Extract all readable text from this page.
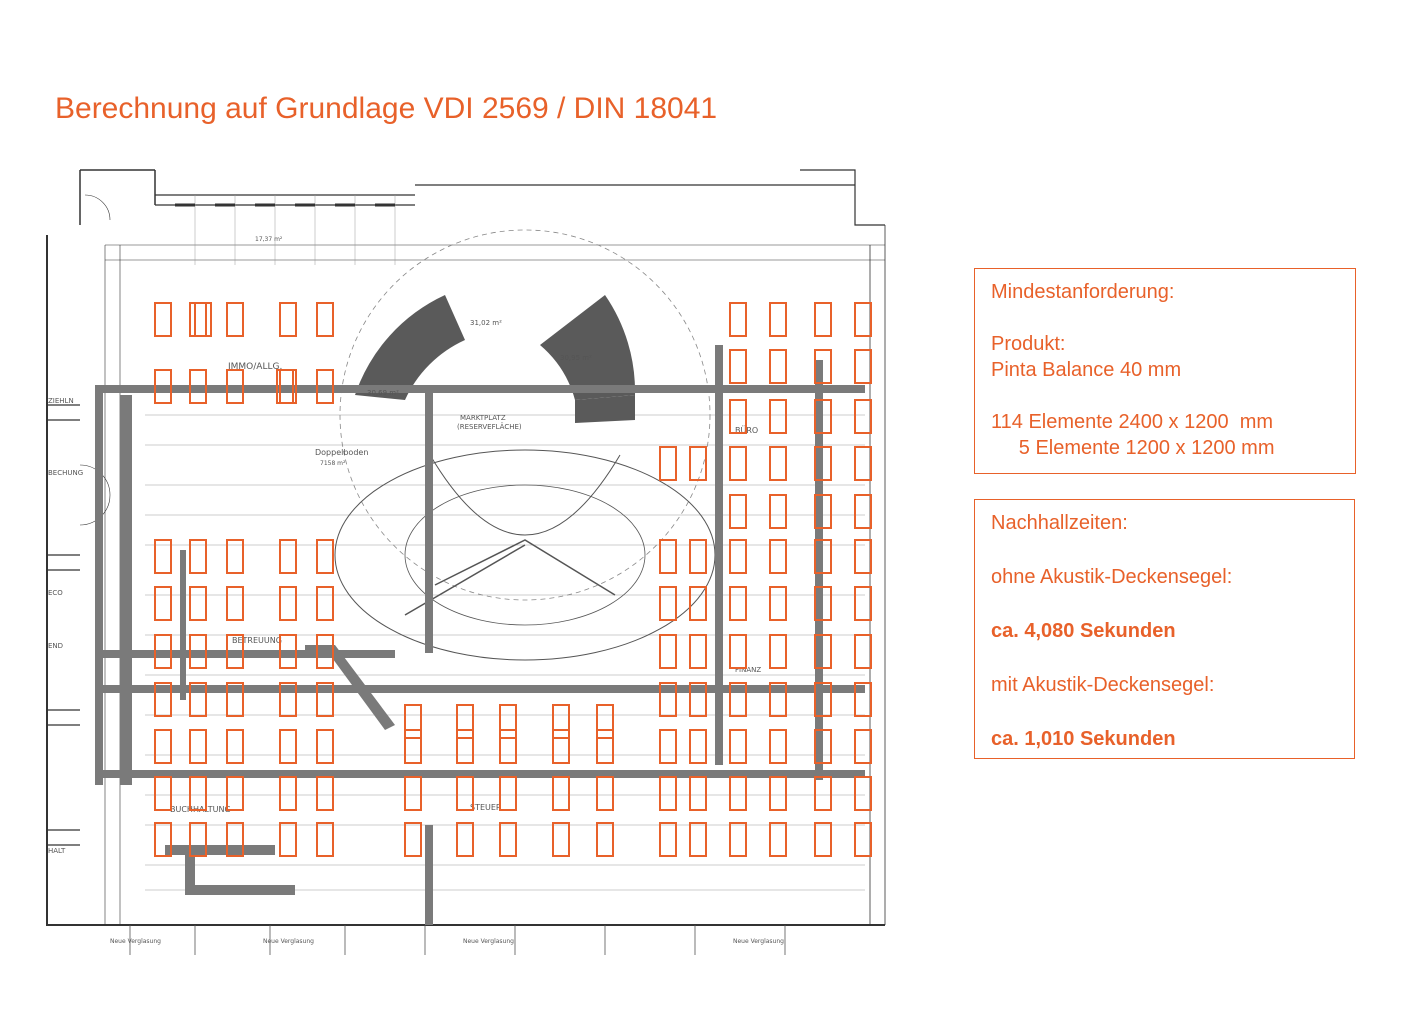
Berechnung auf Grundlage VDI 2569 / DIN 18041
IMMO/ALLG.
BÜRO
Doppelboden
MARKTPLATZ
(RESERVEFLÄCHE)
BETREUUNG
BUCHHALTUNG	STEUER
FINANZ
31,02 m²
30,95 m²
30,69 m²
17,37 m²
7158 m²
ZIEHLN
BECHUNG
ECO
END
HALT
Neue Verglasung	Neue Verglasung	Neue Verglasung	Neue Verglasung

Mindestanforderung:

Produkt:

Pinta Balance 40 mm

114 Elemente 2400 x 1200  mm

5 Elemente 1200 x 1200 mm

Nachhallzeiten:

ohne Akustik-Deckensegel:

ca. 4,080 Sekunden

mit Akustik-Deckensegel:

ca. 1,010 Sekunden
